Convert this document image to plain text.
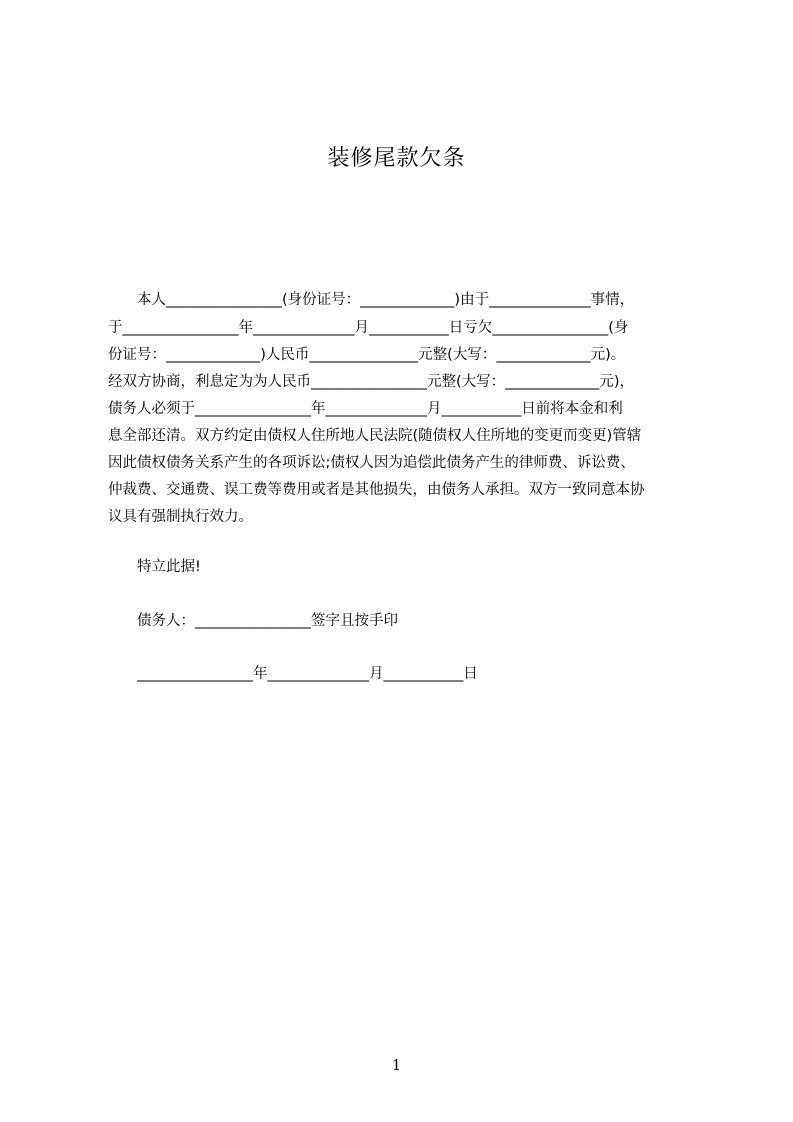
装修尾款欠条
本人________________(身份证号：_____________)由于______________事情，
于________________年______________月___________日亏欠________________(身
份证号：_____________)人民币_______________元整(大写：_____________元)。
经双方协商，利息定为为人民币________________元整(大写：_____________元)，
债务人必须于________________年______________月___________日前将本金和利
息全部还清。双方约定由债权人住所地人民法院(随债权人住所地的变更而变更)管辖
因此债权债务关系产生的各项诉讼;债权人因为追偿此债务产生的律师费、诉讼费、
仲裁费、交通费、误工费等费用或者是其他损失，由债务人承担。双方一致同意本协
议具有强制执行效力。
特立此据!
债务人：________________签字且按手印
________________年______________月___________日
1
